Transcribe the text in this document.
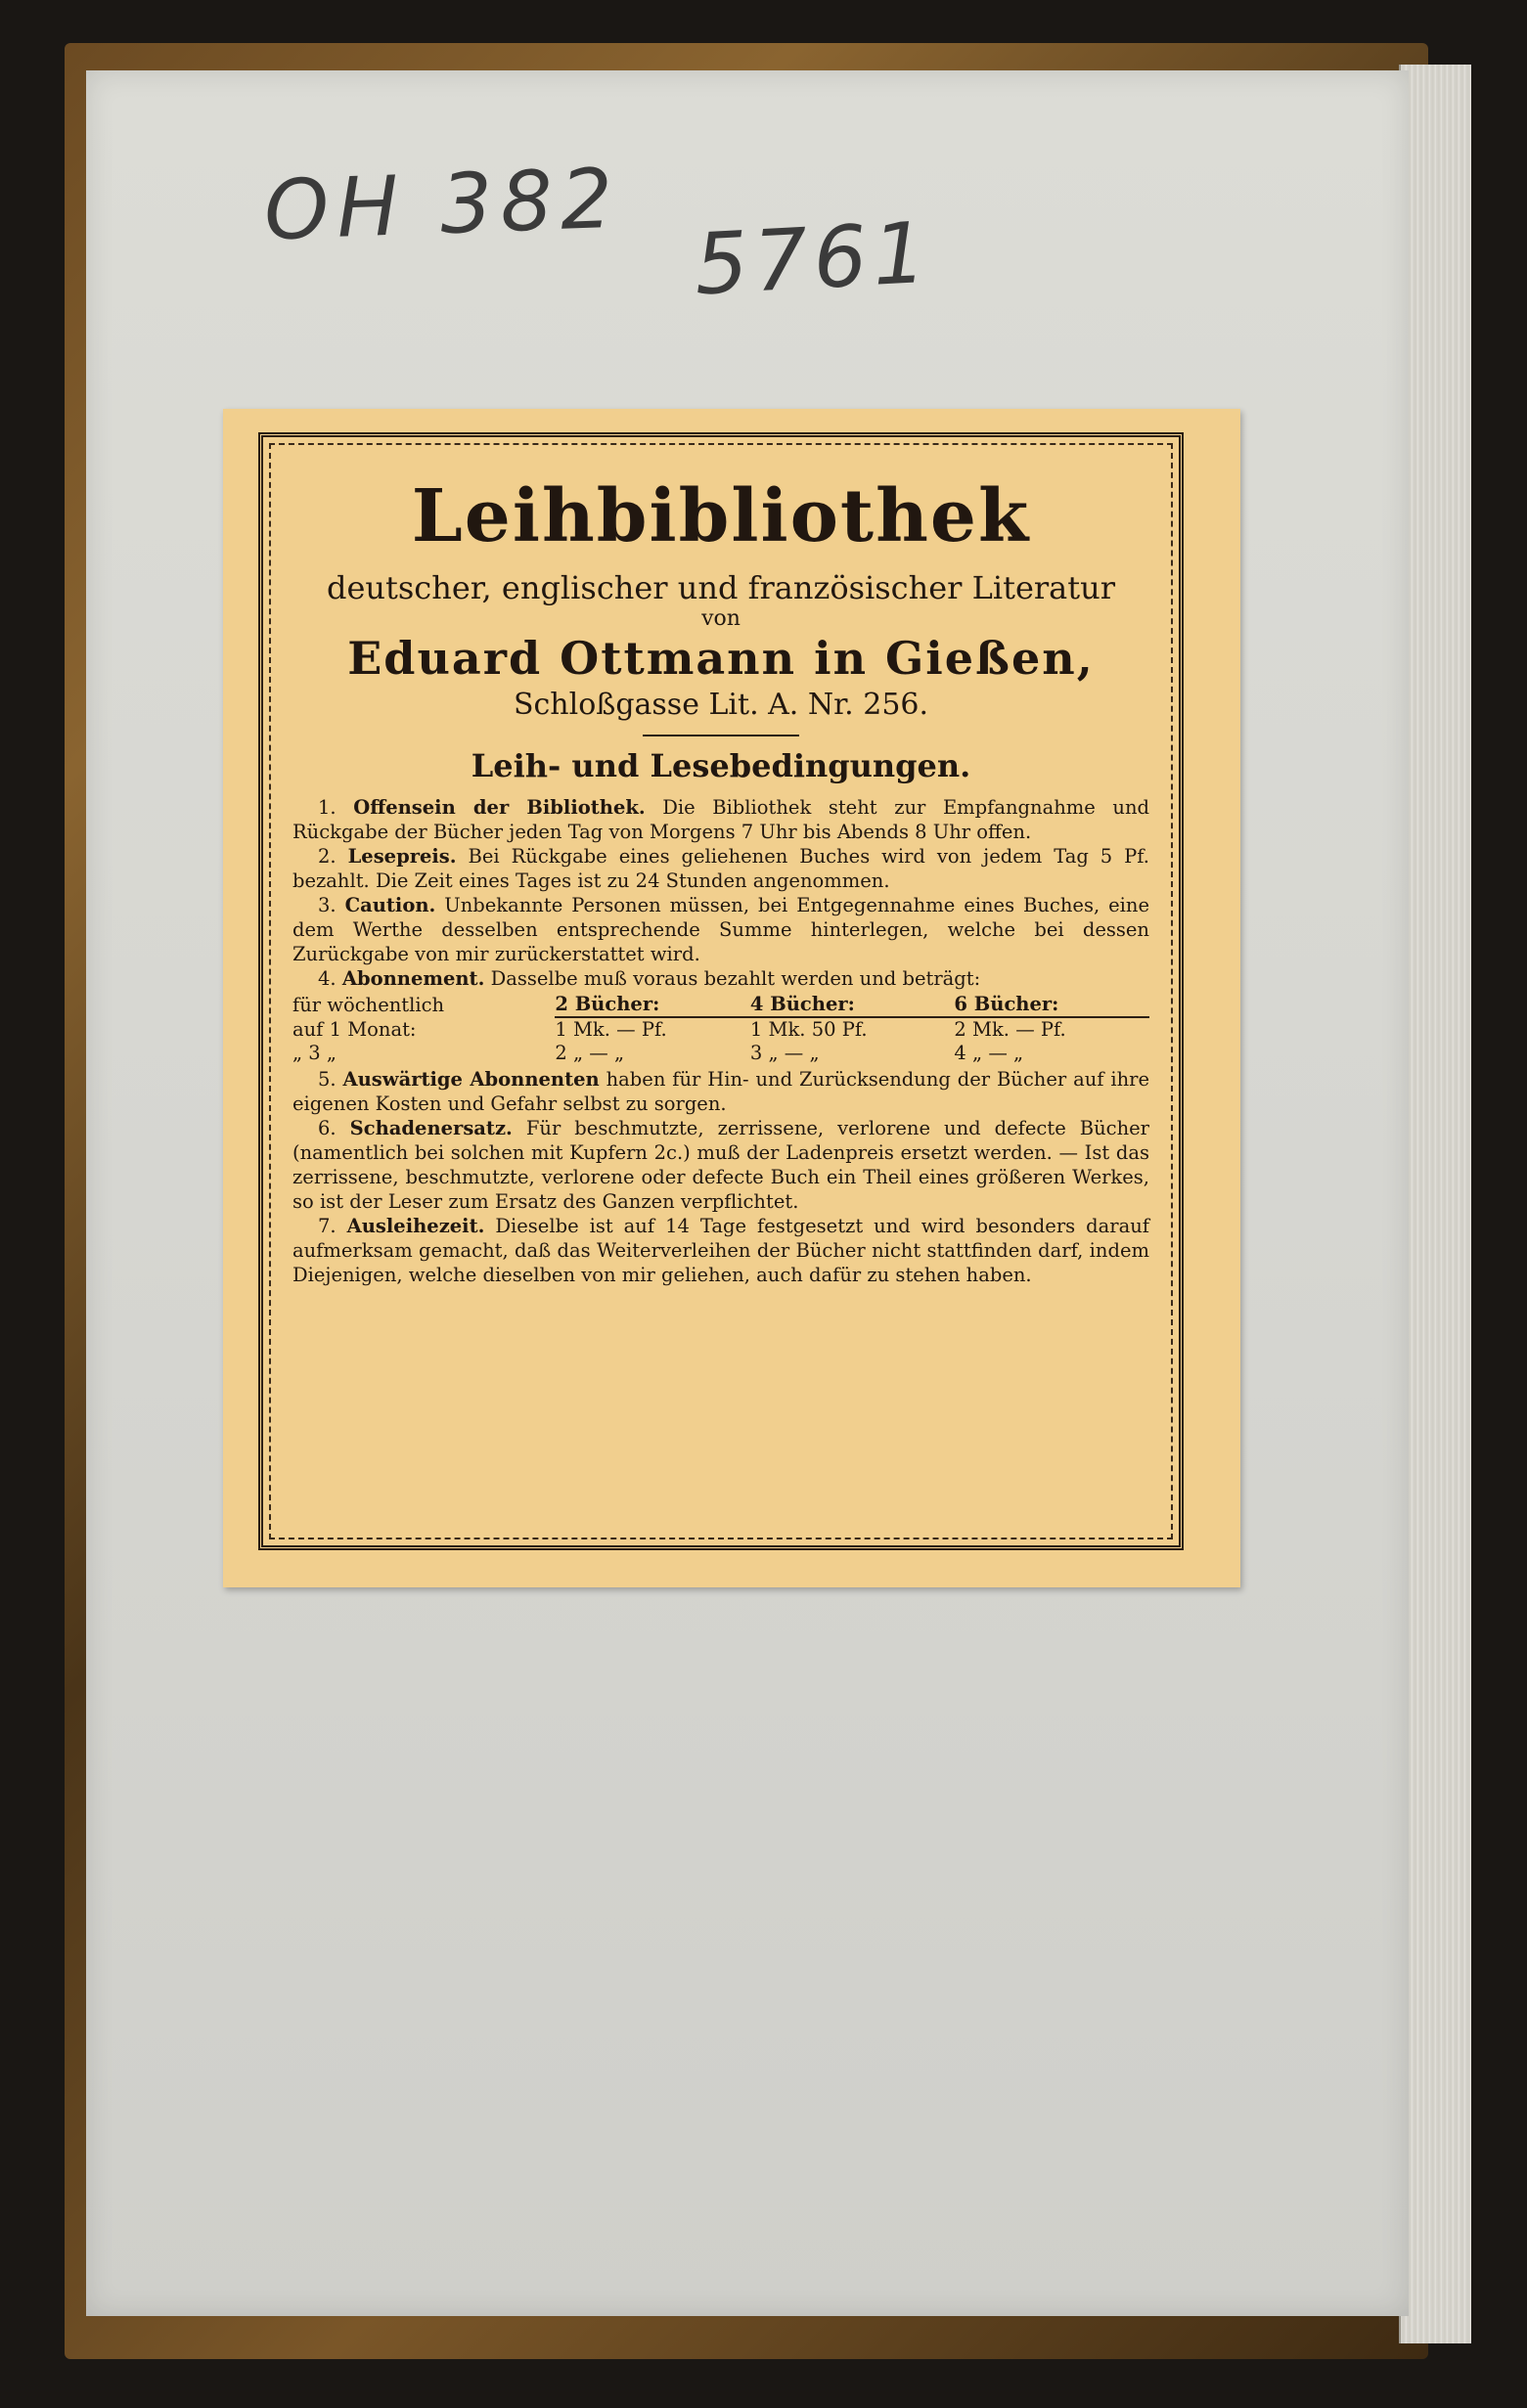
OH 382 5761
Leihbibliothek
deutscher, englischer und französischer Literatur
von
Eduard Ottmann in Gießen,
Schloßgasse Lit. A. Nr. 256.
Leih- und Lesebedingungen.
1. Offensein der Bibliothek. Die Bibliothek steht zur Empfangnahme und Rückgabe der Bücher jeden Tag von Morgens 7 Uhr bis Abends 8 Uhr offen.
2. Lesepreis. Bei Rückgabe eines geliehenen Buches wird von jedem Tag 5 Pf. bezahlt. Die Zeit eines Tages ist zu 24 Stunden angenommen.
3. Caution. Unbekannte Personen müssen, bei Entgegennahme eines Buches, eine dem Werthe desselben entsprechende Summe hinterlegen, welche bei dessen Zurückgabe von mir zurückerstattet wird.
4. Abonnement. Dasselbe muß voraus bezahlt werden und beträgt:
für wöchentlich	2 Bücher:	4 Bücher:	6 Bücher:
auf 1 Monat:	1 Mk. — Pf.	1 Mk. 50 Pf.	2 Mk. — Pf.
„ 3 „	2 „ — „	3 „ — „	4 „ — „
5. Auswärtige Abonnenten haben für Hin- und Zurücksendung der Bücher auf ihre eigenen Kosten und Gefahr selbst zu sorgen.
6. Schadenersatz. Für beschmutzte, zerrissene, verlorene und defecte Bücher (namentlich bei solchen mit Kupfern 2c.) muß der Ladenpreis ersetzt werden. — Ist das zerrissene, beschmutzte, verlorene oder defecte Buch ein Theil eines größeren Werkes, so ist der Leser zum Ersatz des Ganzen verpflichtet.
7. Ausleihezeit. Dieselbe ist auf 14 Tage festgesetzt und wird besonders darauf aufmerksam gemacht, daß das Weiterverleihen der Bücher nicht stattfinden darf, indem Diejenigen, welche dieselben von mir geliehen, auch dafür zu stehen haben.
